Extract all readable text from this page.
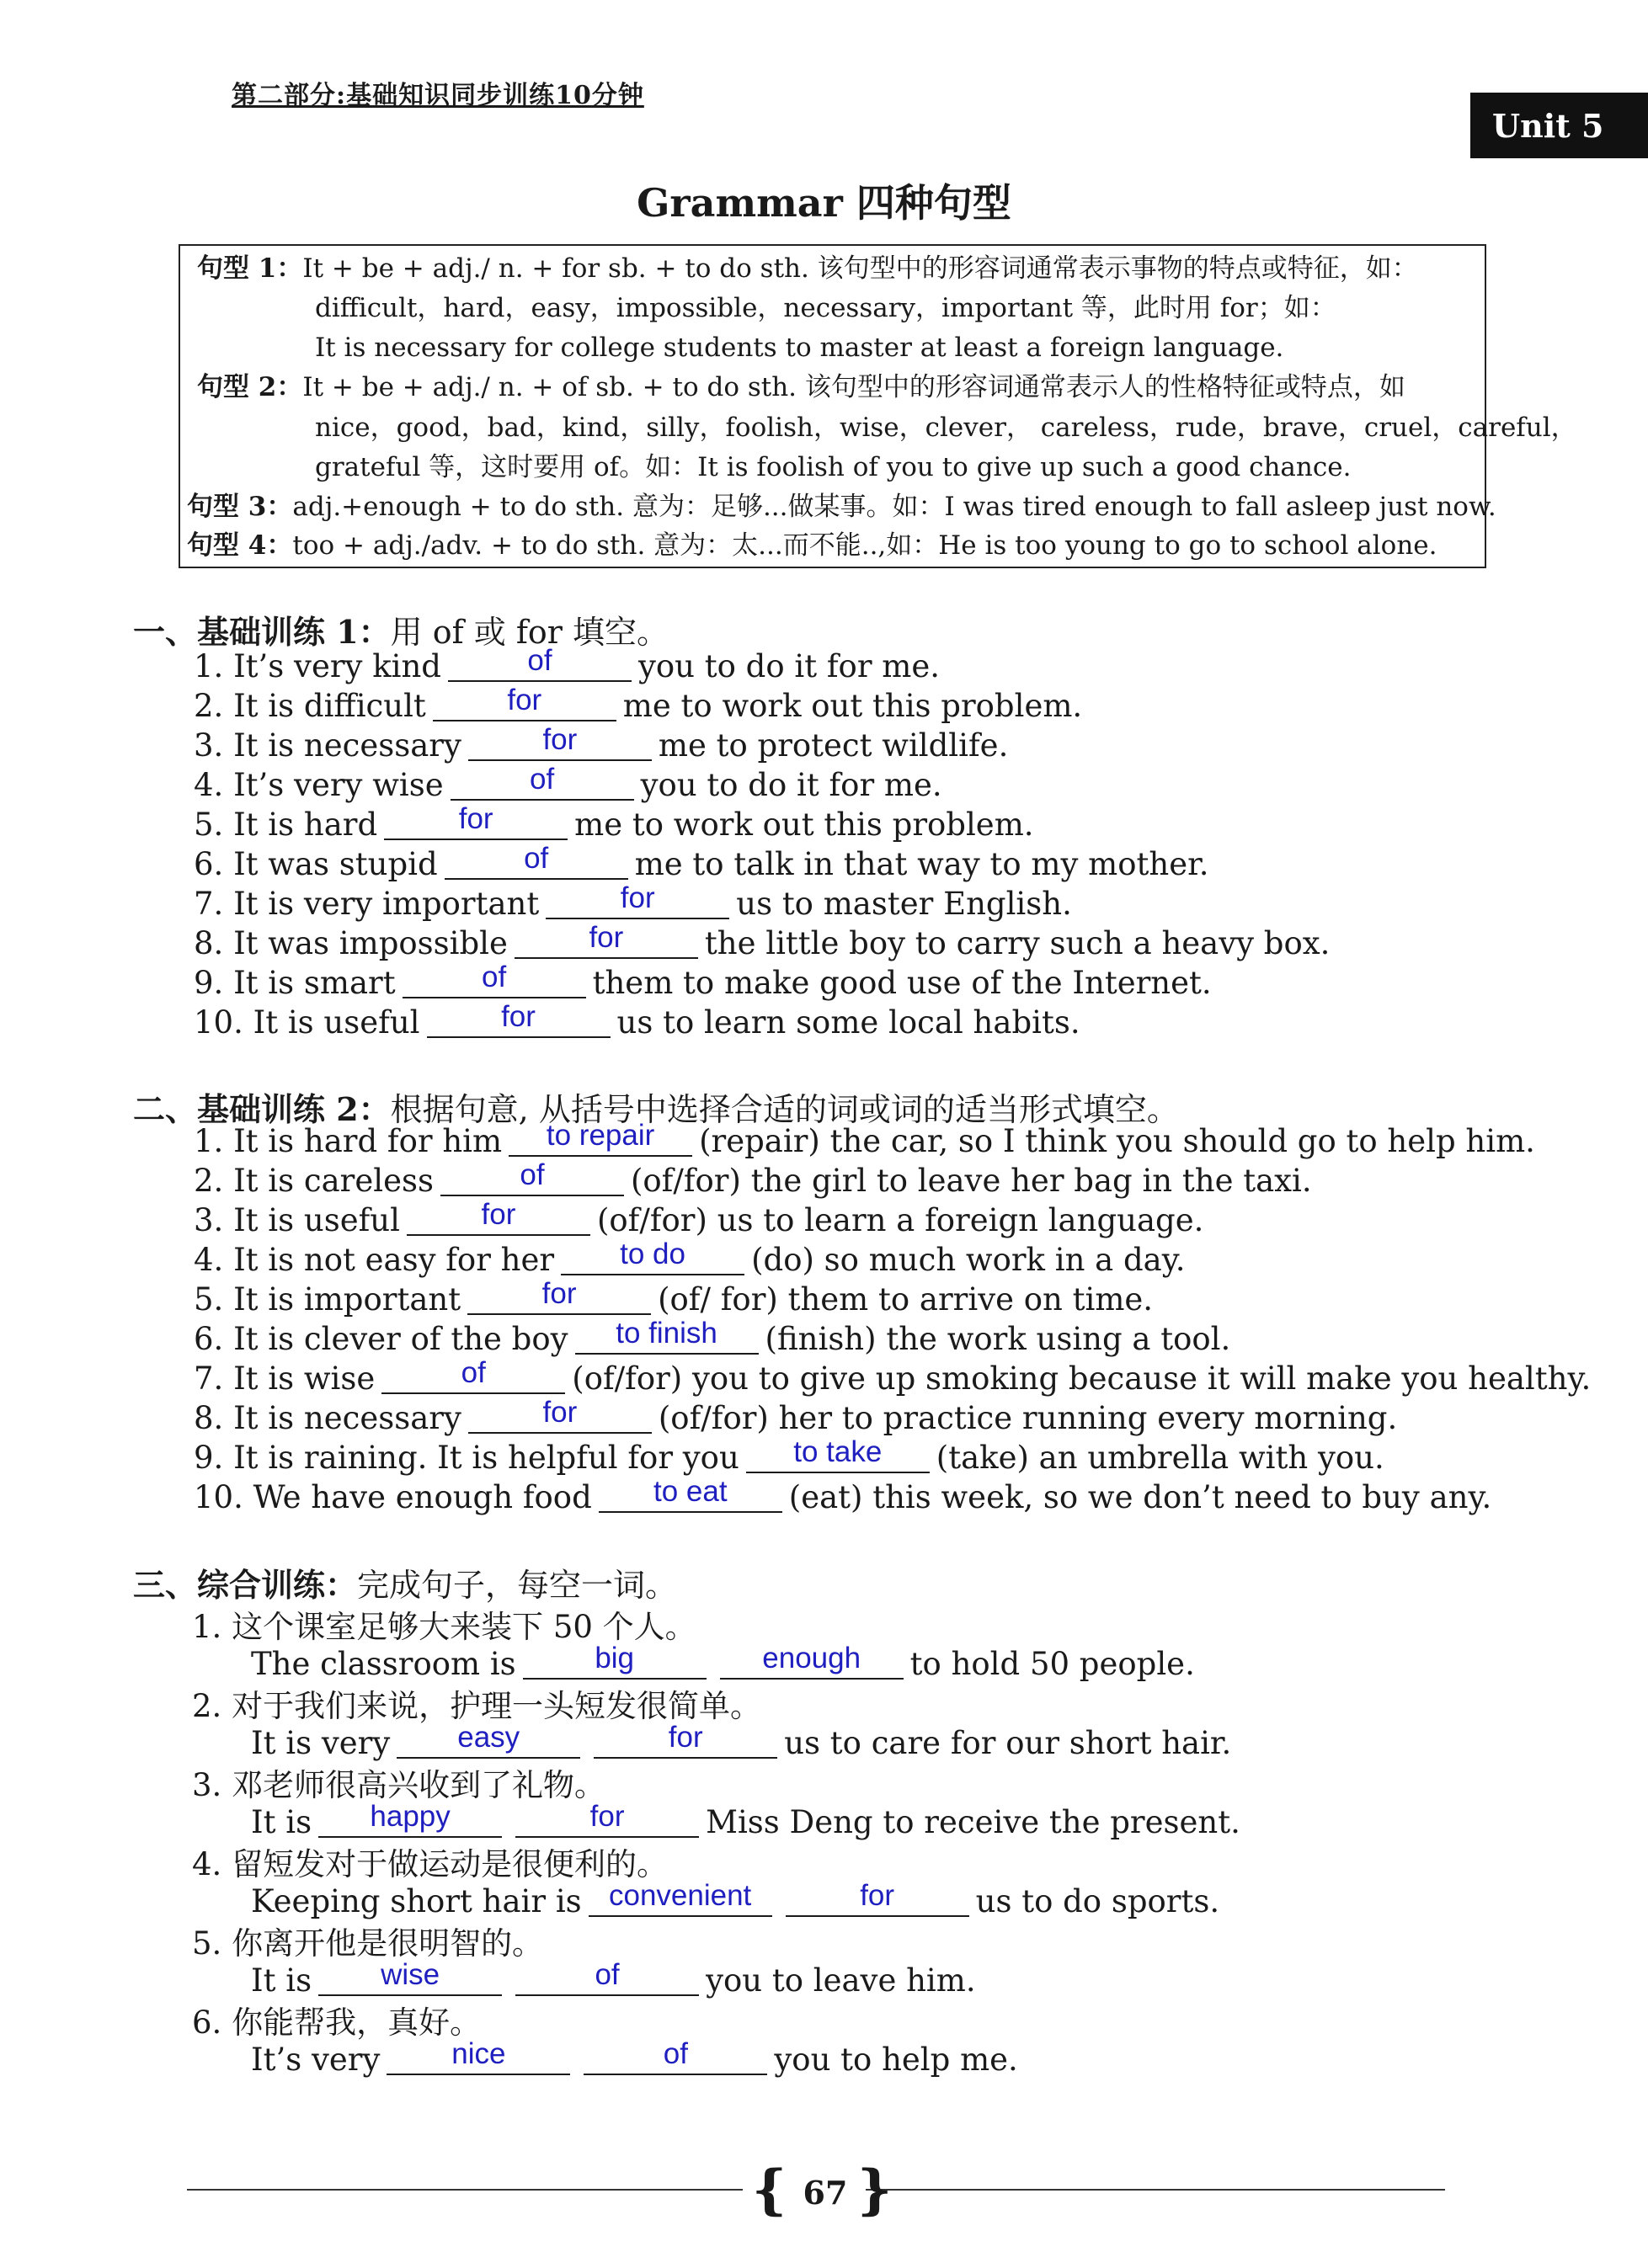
第二部分:基础知识同步训练10分钟
Unit 5
Grammar 四种句型
句型 1：It + be + adj./ n. + for sb. + to do sth. 该句型中的形容词通常表示事物的特点或特征，如：
difficult，hard，easy，impossible，necessary，important 等，此时用 for；如：
It is necessary for college students to master at least a foreign language.
句型 2：It + be + adj./ n. + of sb. + to do sth. 该句型中的形容词通常表示人的性格特征或特点，如
nice，good，bad，kind，silly，foolish，wise，clever， careless，rude，brave，cruel，careful，
grateful 等，这时要用 of。如：It is foolish of you to give up such a good chance.
句型 3：adj.+enough + to do sth. 意为：足够...做某事。如：I was tired enough to fall asleep just now.
句型 4：too + adj./adv. + to do sth. 意为：太...而不能..,如：He is too young to go to school alone.
一、基础训练 1：用 of 或 for 填空。
1. It’s very kind	of	you to do it for me.
2. It is difficult	for	me to work out this problem.
3. It is necessary	for	me to protect wildlife.
4. It’s very wise	of	you to do it for me.
5. It is hard	for	me to work out this problem.
6. It was stupid	of	me to talk in that way to my mother.
7. It is very important	for	us to master English.
8. It was impossible	for	the little boy to carry such a heavy box.
9. It is smart	of	them to make good use of the Internet.
10. It is useful	for	us to learn some local habits.
二、基础训练 2：根据句意, 从括号中选择合适的词或词的适当形式填空。
1. It is hard for him	to repair	(repair) the car, so I think you should go to help him.
2. It is careless	of	(of/for) the girl to leave her bag in the taxi.
3. It is useful	for	(of/for) us to learn a foreign language.
4. It is not easy for her	to do	(do) so much work in a day.
5. It is important	for	(of/ for) them to arrive on time.
6. It is clever of the boy	to finish	(finish) the work using a tool.
7. It is wise	of	(of/for) you to give up smoking because it will make you healthy.
8. It is necessary	for	(of/for) her to practice running every morning.
9. It is raining. It is helpful for you	to take	(take) an umbrella with you.
10. We have enough food	to eat	(eat) this week, so we don’t need to buy any.
三、综合训练：完成句子，每空一词。
1. 这个课室足够大来装下 50 个人。
The classroom is	big	enough	to hold 50 people.
2. 对于我们来说，护理一头短发很简单。
It is very	easy	for	us to care for our short hair.
3. 邓老师很高兴收到了礼物。
It is	happy	for	Miss Deng to receive the present.
4. 留短发对于做运动是很便利的。
Keeping short hair is convenient	for	us to do sports.
5. 你离开他是很明智的。
It is	wise	of	you to leave him.
6. 你能帮我，真好。
It’s very	nice	of	you to help me.
{ }
67
